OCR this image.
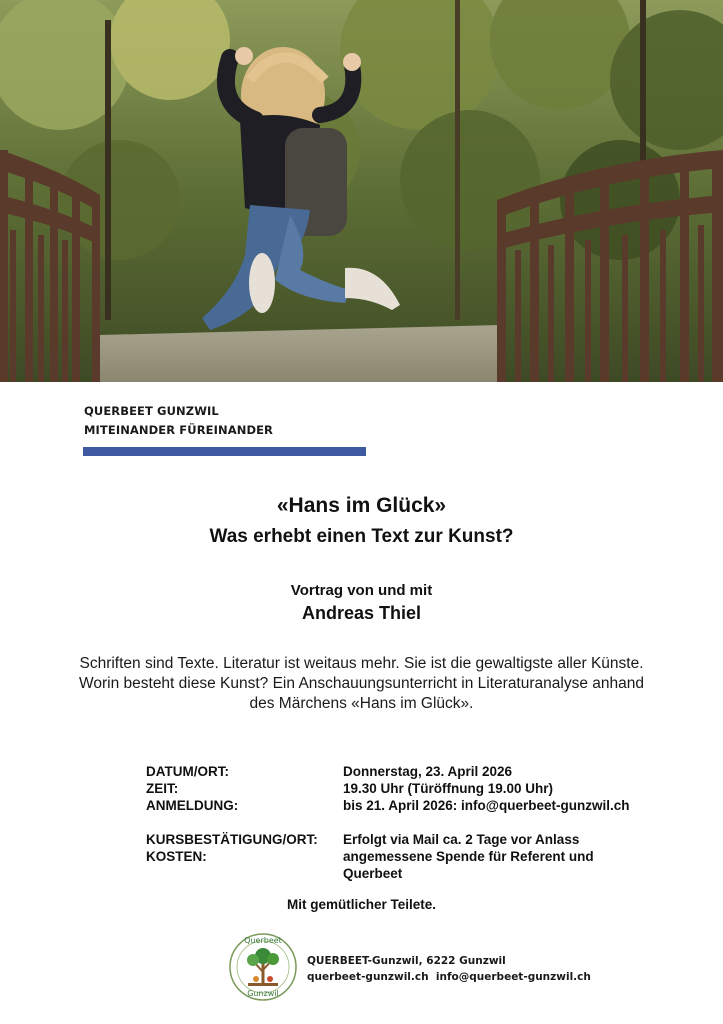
QUERBEET GUNZWIL
MITEINANDER FÜREINANDER
«Hans im Glück»
Was erhebt einen Text zur Kunst?
Vortrag von und mit
Andreas Thiel
Schriften sind Texte. Literatur ist weitaus mehr. Sie ist die gewaltigste aller Künste. Worin besteht diese Kunst? Ein Anschauungsunterricht in Literaturanalyse anhand des Märchens «Hans im Glück».
DATUM/ORT:	Donnerstag, 23. April 2026
ZEIT:	19.30 Uhr (Türöffnung 19.00 Uhr)
ANMELDUNG:	bis 21. April 2026: info@querbeet-gunzwil.ch
KURSBESTÄTIGUNG/ORT:	Erfolgt via Mail ca. 2 Tage vor Anlass
KOSTEN:	angemessene Spende für Referent und Querbeet
Mit gemütlicher Teilete.
Querbeet
Gunzwil
QUERBEET-Gunzwil, 6222 Gunzwil
querbeet-gunzwil.ch info@querbeet-gunzwil.ch
